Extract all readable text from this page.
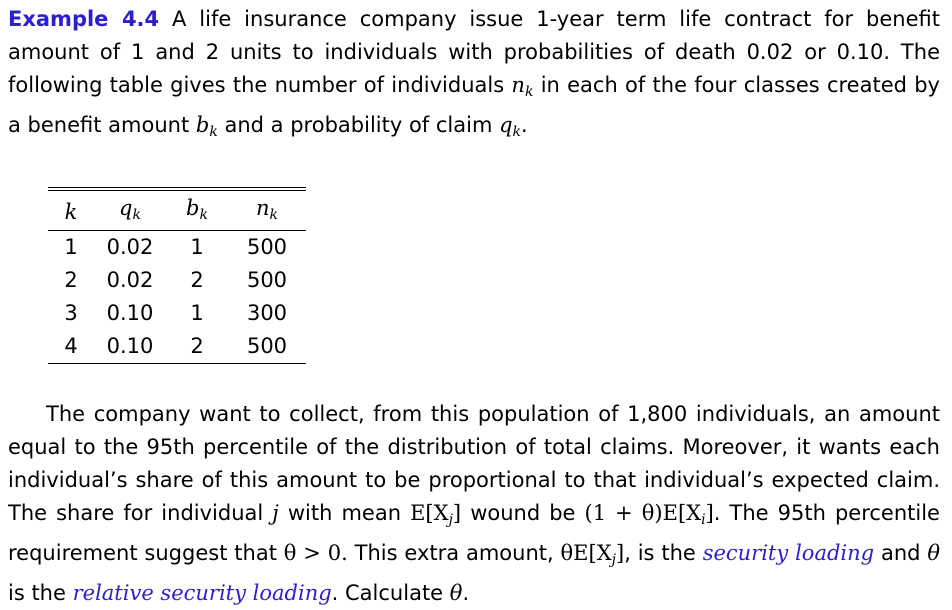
Example 4.4 A life insurance company issue 1-year term life contract for benefit amount of 1 and 2 units to individuals with probabilities of death 0.02 or 0.10. The following table gives the number of individuals $n_k$ in each of the four classes created by a benefit amount $b_k$ and a probability of claim $q_k$.

k	$q_k$	$b_k$	$n_k$
1	0.02	1	500
2	0.02	2	500
3	0.10	1	300
4	0.10	2	500

The company want to collect, from this population of 1,800 individuals, an amount equal to the 95th percentile of the distribution of total claims. Moreover, it wants each individual’s share of this amount to be proportional to that individual’s expected claim. The share for individual j with mean $E[X_j]$ wound be $(1 + \theta)E[X_i]$. The 95th percentile requirement suggest that θ > 0. This extra amount, $\theta E[X_j]$, is the security loading and θ is the relative security loading. Calculate θ.
